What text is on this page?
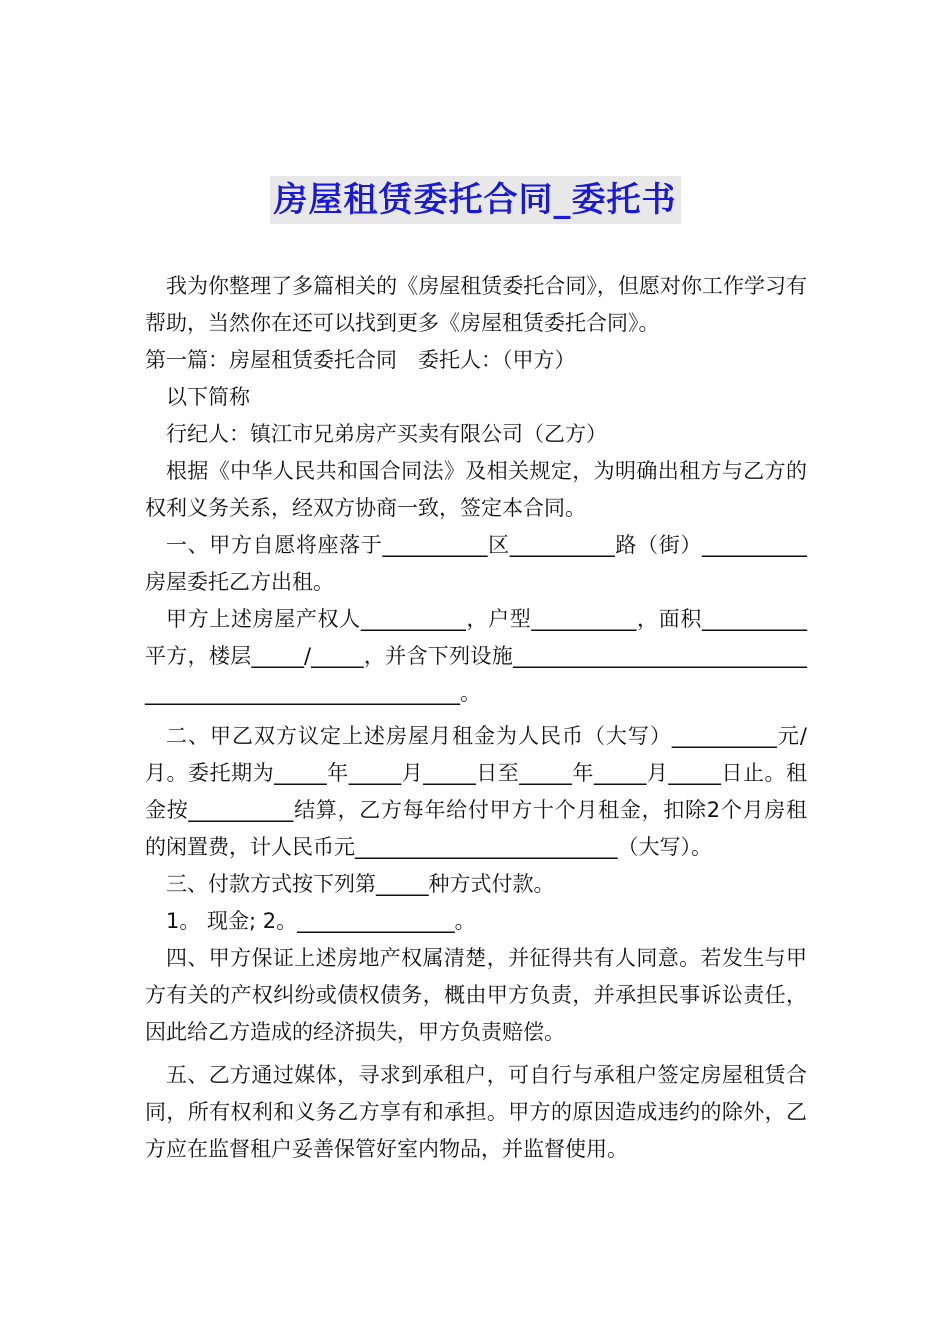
房屋租赁委托合同_委托书

我为你整理了多篇相关的《房屋租赁委托合同》，但愿对你工作学习有帮助，当然你在还可以找到更多《房屋租赁委托合同》。

第一篇：房屋租赁委托合同　委托人：（甲方）

以下简称

行纪人：镇江市兄弟房产买卖有限公司（乙方）

根据《中华人民共和国合同法》及相关规定，为明确出租方与乙方的权利义务关系，经双方协商一致，签定本合同。

一、甲方自愿将座落于__________区__________路（街）__________房屋委托乙方出租。

甲方上述房屋产权人__________，户型__________，面积__________平方，楼层_____/_____，并含下列设施__________________________________________________________。

二、甲乙双方议定上述房屋月租金为人民币（大写）__________元/月。委托期为_____年_____月_____日至_____年_____月_____日止。租金按__________结算，乙方每年给付甲方十个月租金，扣除2个月房租的闲置费，计人民币元_________________________（大写）。

三、付款方式按下列第_____种方式付款。

1。 现金; 2。_______________。

四、甲方保证上述房地产权属清楚，并征得共有人同意。若发生与甲方有关的产权纠纷或债权债务，概由甲方负责，并承担民事诉讼责任，因此给乙方造成的经济损失，甲方负责赔偿。

五、乙方通过媒体，寻求到承租户，可自行与承租户签定房屋租赁合同，所有权利和义务乙方享有和承担。甲方的原因造成违约的除外，乙方应在监督租户妥善保管好室内物品，并监督使用。
